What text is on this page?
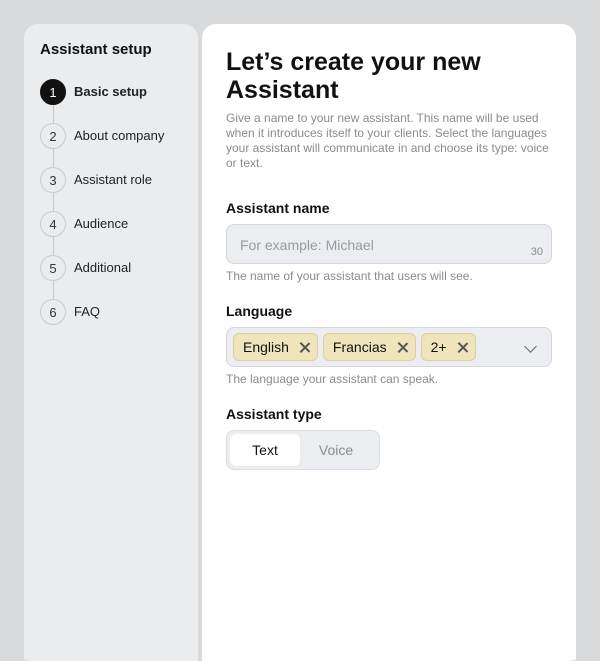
Assistant setup
1	Basic setup
2	About company
3	Assistant role
4	Audience
5	Additional
6	FAQ
Let’s create your new Assistant
Give a name to your new assistant. This name will be used when it introduces itself to your clients. Select the languages your assistant will communicate in and choose its type: voice or text.
Assistant name
For example: Michael
30
The name of your assistant that users will see.
Language
English	Francias	2+
The language your assistant can speak.
Assistant type
Text	Voice
